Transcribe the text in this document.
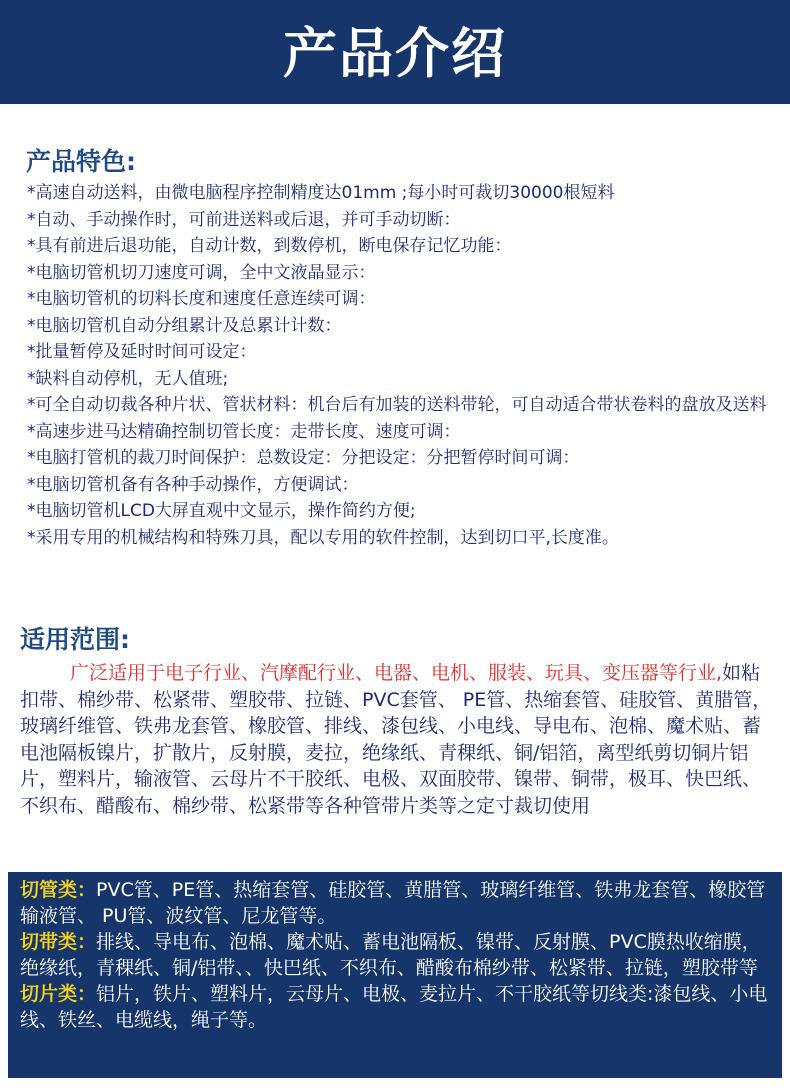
产品介绍
产品特色:
*高速自动送料，由微电脑程序控制精度达01mm ;每小时可裁切30000根短料
*自动、手动操作时，可前进送料或后退，并可手动切断：
*具有前进后退功能，自动计数，到数停机，断电保存记忆功能：
*电脑切管机切刀速度可调，全中文液晶显示：
*电脑切管机的切料长度和速度任意连续可调：
*电脑切管机自动分组累计及总累计计数：
*批量暂停及延时时间可设定：
*缺料自动停机，无人值班;
*可全自动切裁各种片状、管状材料：机台后有加装的送料带轮，可自动适合带状卷料的盘放及送料
*高速步进马达精确控制切管长度：走带长度、速度可调：
*电脑打管机的裁刀时间保护：总数设定：分把设定：分把暂停时间可调：
*电脑切管机备有各种手动操作，方便调试：
*电脑切管机LCD大屏直观中文显示，操作简约方便;
*采用专用的机械结构和特殊刀具，配以专用的软件控制，达到切口平,长度准。
适用范围:
广泛适用于电子行业、汽摩配行业、电器、电机、服装、玩具、变压器等行业,如粘扣带、棉纱带、松紧带、塑胶带、拉链、PVC套管、 PE管、热缩套管、硅胶管、黄腊管，玻璃纤维管、铁弗龙套管、橡胶管、排线、漆包线、小电线、导电布、泡棉、魔术贴、蓄电池隔板镍片，扩散片，反射膜，麦拉，绝缘纸、青稞纸、铜/铝箔，离型纸剪切铜片铝片，塑料片，输液管、云母片不干胶纸、电极、双面胶带、镍带、铜带，极耳、快巴纸、不织布、醋酸布、棉纱带、松紧带等各种管带片类等之定寸裁切使用

切管类：PVC管、PE管、热缩套管、硅胶管、黄腊管、玻璃纤维管、铁弗龙套管、橡胶管输液管、 PU管、波纹管、尼龙管等。

切带类：排线、导电布、泡棉、魔术贴、蓄电池隔板、镍带、反射膜、PVC膜热收缩膜，绝缘纸，青稞纸、铜/铝带、、快巴纸、不织布、醋酸布棉纱带、松紧带、拉链，塑胶带等

切片类：铝片，铁片、塑料片，云母片、电极、麦拉片、不干胶纸等切线类:漆包线、小电线、铁丝、电缆线，绳子等。
